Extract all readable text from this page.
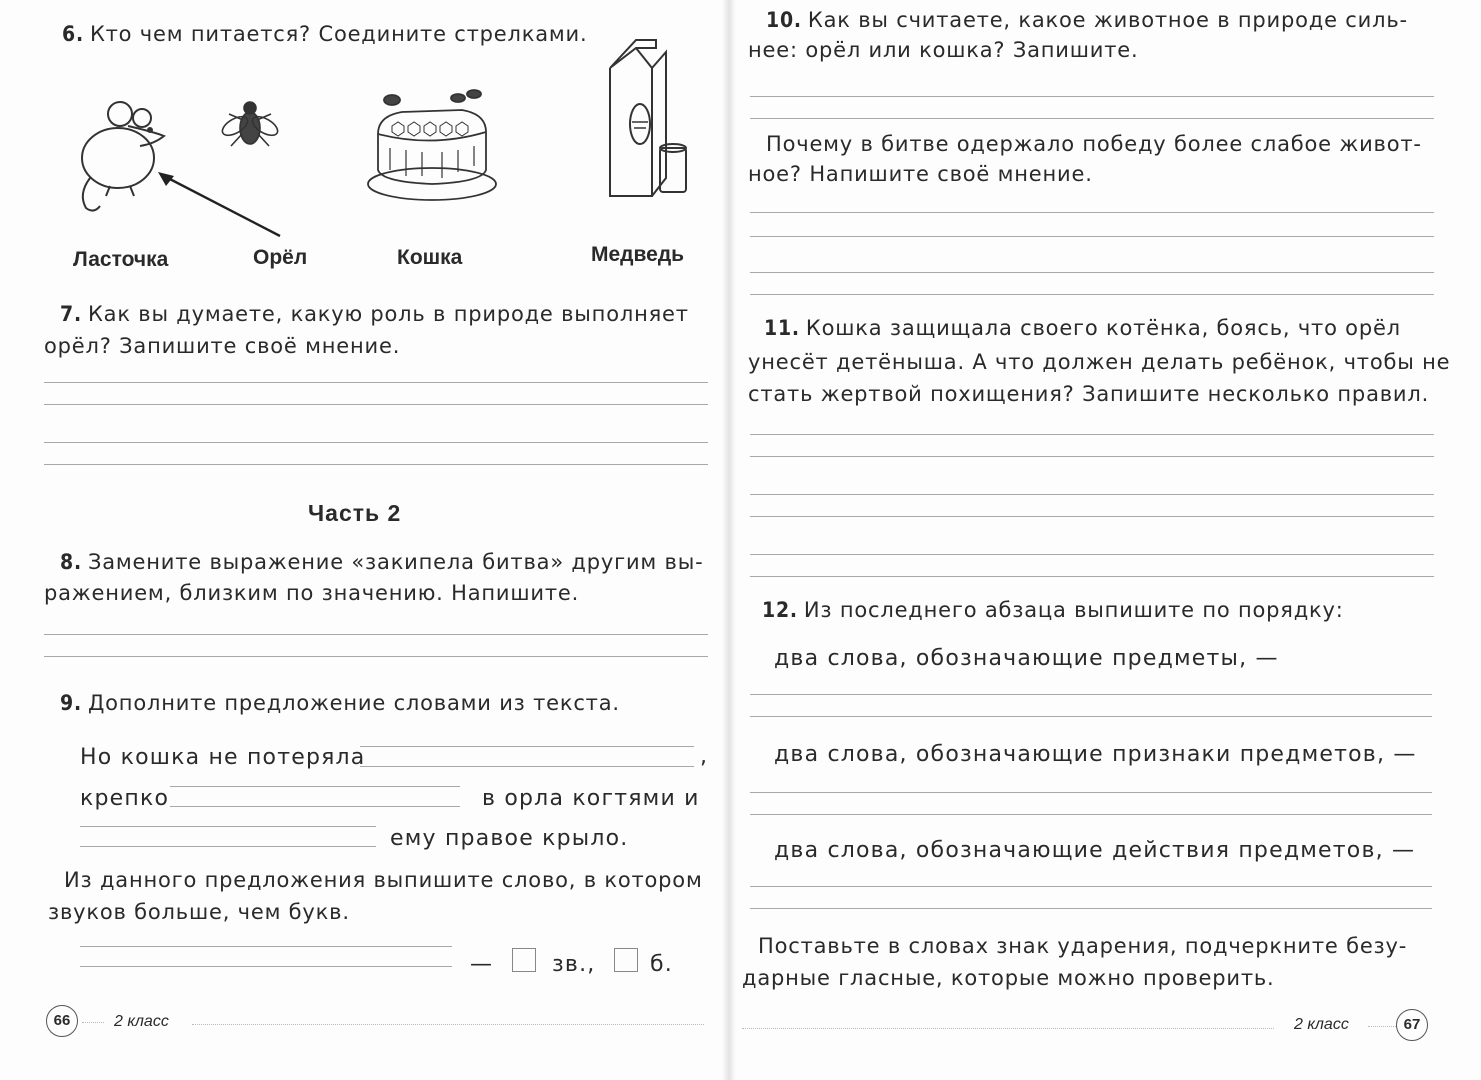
6. Кто чем питается? Соедините стрелками.
Ласточка	Орёл	Кошка	Медведь
7. Как вы думаете, какую роль в природе выполняет
орёл? Запишите своё мнение.
Часть 2
8. Замените выражение «закипела битва» другим вы-
ражением, близким по значению. Напишите.
9. Дополните предложение словами из текста.
Но кошка не потеряла	,
крепко	в орла когтями и
ему правое крыло.
Из данного предложения выпишите слово, в котором
звуков больше, чем букв.
—	зв., б.
66	2 класс
10. Как вы считаете, какое животное в природе силь-
нее: орёл или кошка? Запишите.
Почему в битве одержало победу более слабое живот-
ное? Напишите своё мнение.
11. Кошка защищала своего котёнка, боясь, что орёл
унесёт детёныша. А что должен делать ребёнок, чтобы не
стать жертвой похищения? Запишите несколько правил.
12. Из последнего абзаца выпишите по порядку:
два слова, обозначающие предметы, —
два слова, обозначающие признаки предметов, —
два слова, обозначающие действия предметов, —
Поставьте в словах знак ударения, подчеркните безу-
дарные гласные, которые можно проверить.
2 класс	67
